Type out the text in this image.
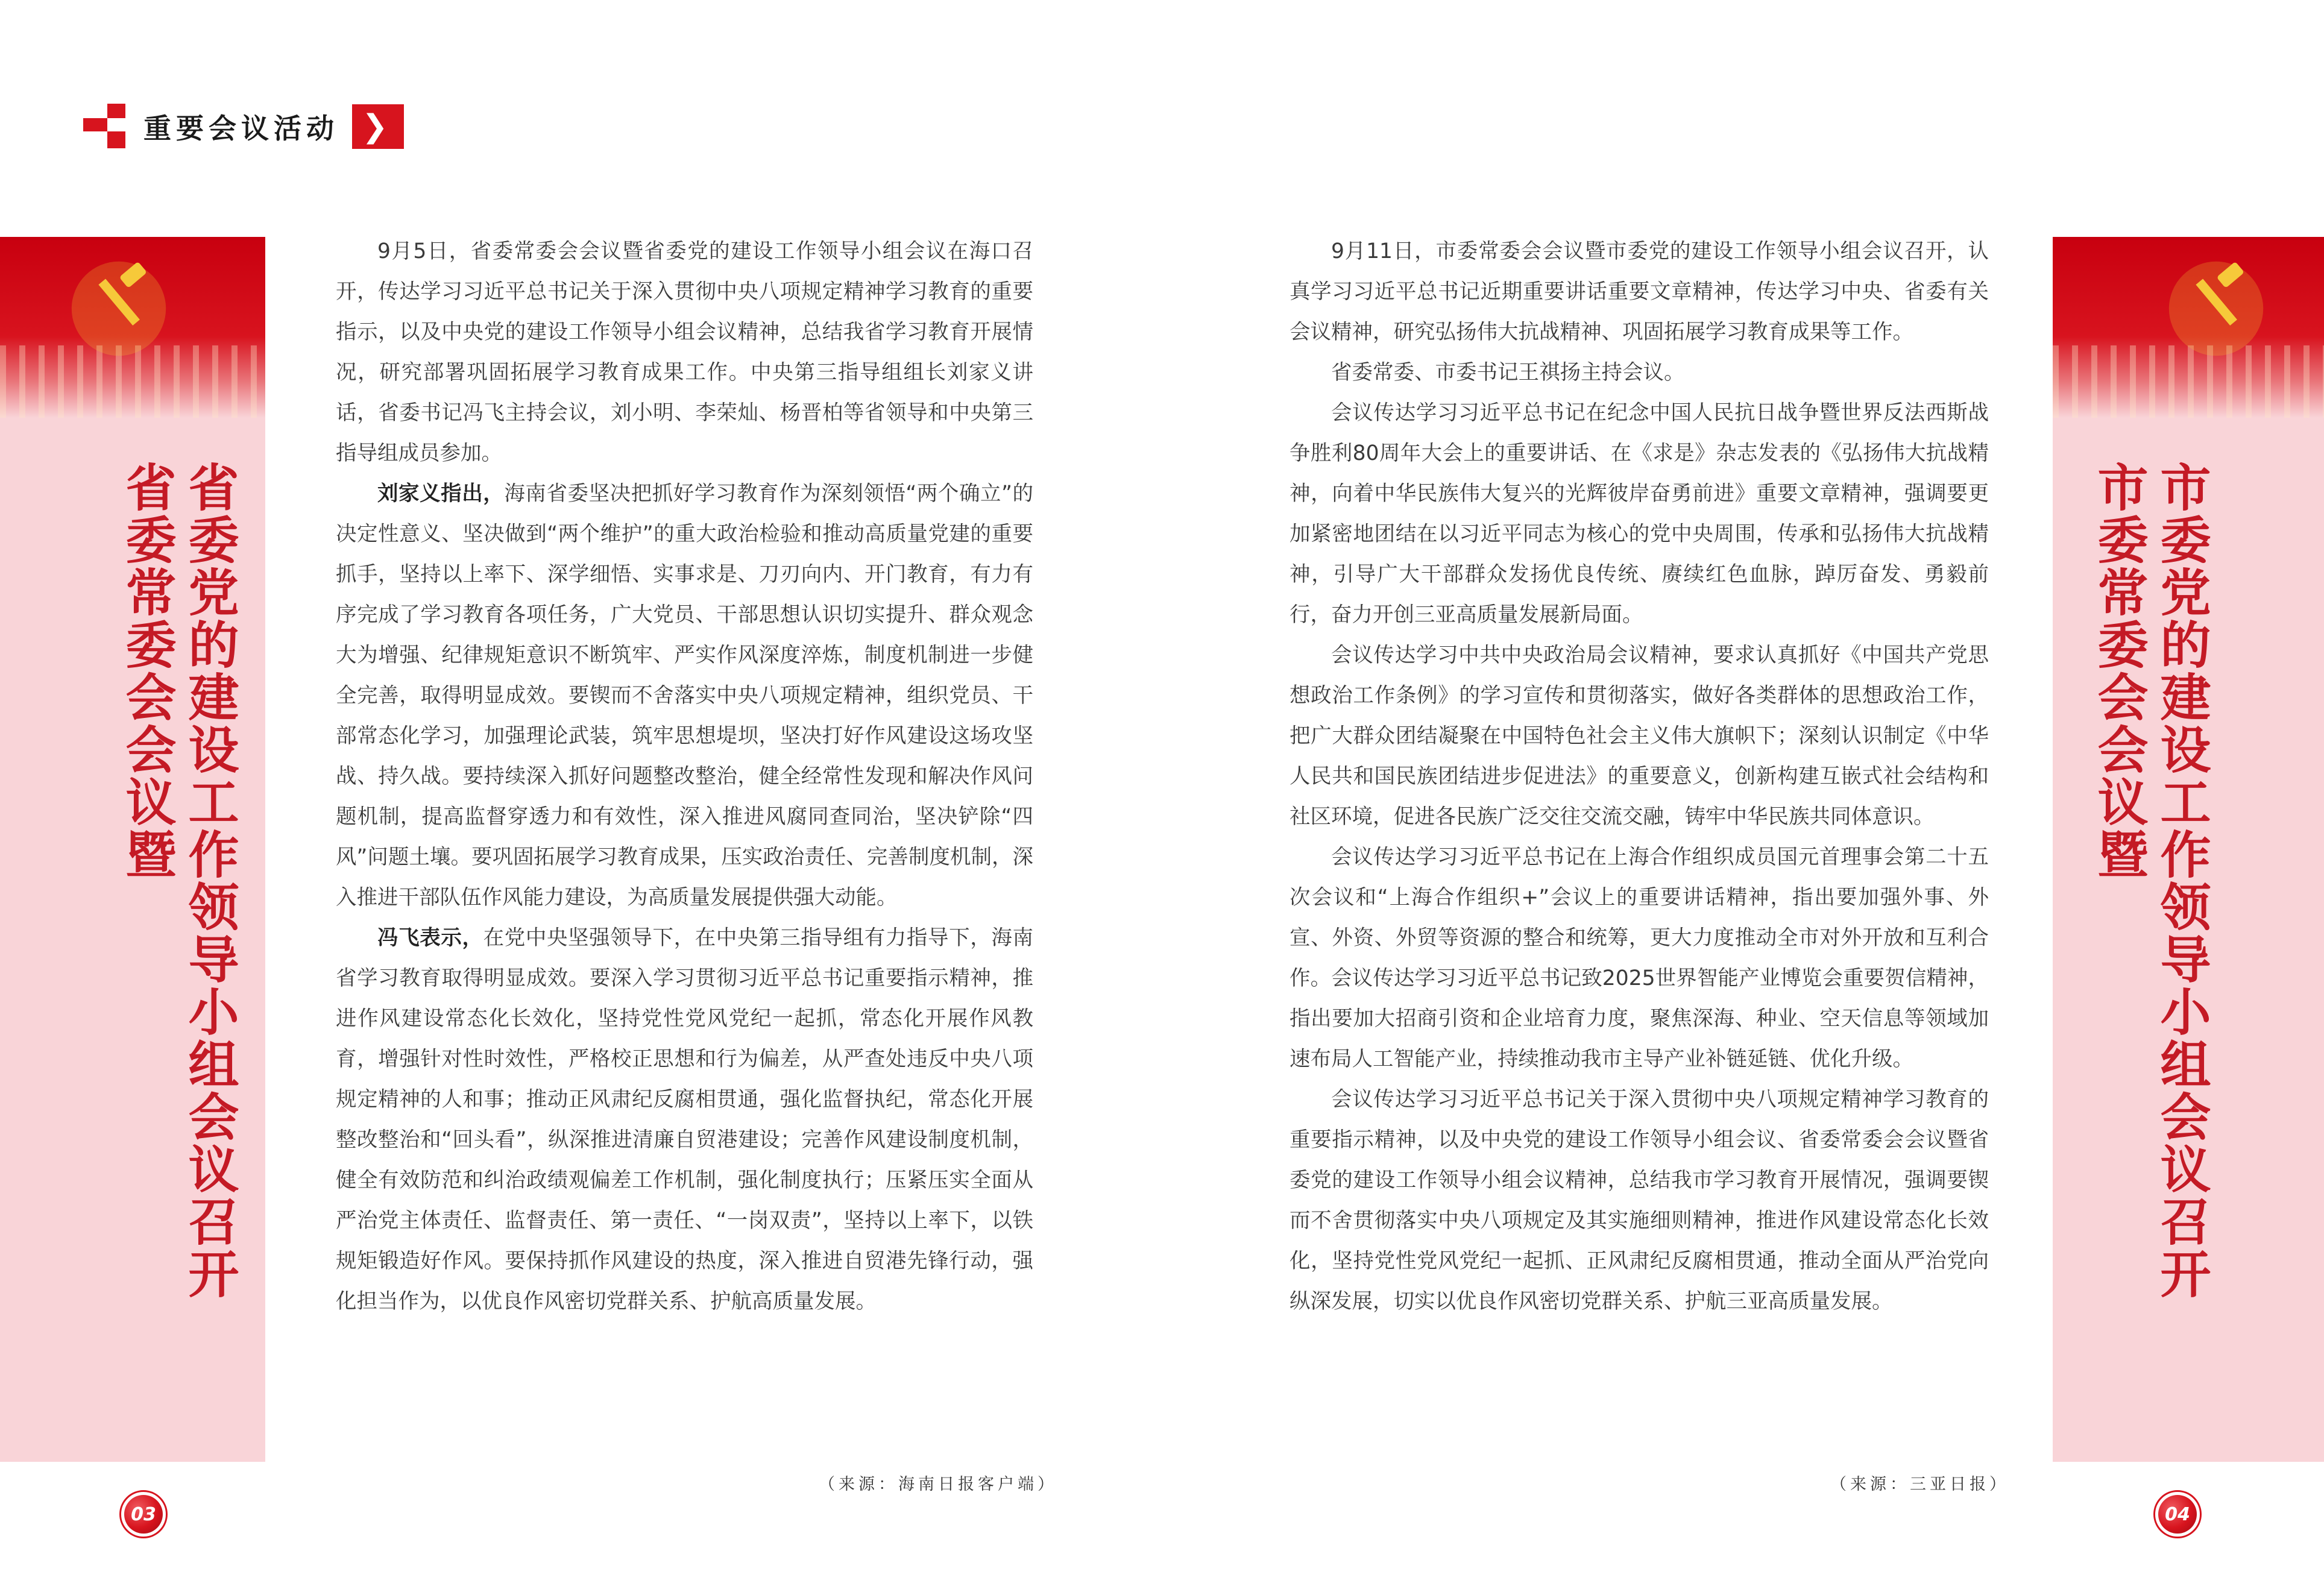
重要会议活动 ❯
省委党的建设工作领导小组会议召开
省委常委会会议暨

9月5日，省委常委会会议暨省委党的建设工作领导小组会议在海口召开，传达学习习近平总书记关于深入贯彻中央八项规定精神学习教育的重要指示，以及中央党的建设工作领导小组会议精神，总结我省学习教育开展情况，研究部署巩固拓展学习教育成果工作。中央第三指导组组长刘家义讲话，省委书记冯飞主持会议，刘小明、李荣灿、杨晋柏等省领导和中央第三指导组成员参加。

刘家义指出，海南省委坚决把抓好学习教育作为深刻领悟“两个确立”的决定性意义、坚决做到“两个维护”的重大政治检验和推动高质量党建的重要抓手，坚持以上率下、深学细悟、实事求是、刀刃向内、开门教育，有力有序完成了学习教育各项任务，广大党员、干部思想认识切实提升、群众观念大为增强、纪律规矩意识不断筑牢、严实作风深度淬炼，制度机制进一步健全完善，取得明显成效。要锲而不舍落实中央八项规定精神，组织党员、干部常态化学习，加强理论武装，筑牢思想堤坝，坚决打好作风建设这场攻坚战、持久战。要持续深入抓好问题整改整治，健全经常性发现和解决作风问题机制，提高监督穿透力和有效性，深入推进风腐同查同治，坚决铲除“四风”问题土壤。要巩固拓展学习教育成果，压实政治责任、完善制度机制，深入推进干部队伍作风能力建设，为高质量发展提供强大动能。

冯飞表示，在党中央坚强领导下，在中央第三指导组有力指导下，海南省学习教育取得明显成效。要深入学习贯彻习近平总书记重要指示精神，推进作风建设常态化长效化，坚持党性党风党纪一起抓，常态化开展作风教育，增强针对性时效性，严格校正思想和行为偏差，从严查处违反中央八项规定精神的人和事；推动正风肃纪反腐相贯通，强化监督执纪，常态化开展整改整治和“回头看”，纵深推进清廉自贸港建设；完善作风建设制度机制，健全有效防范和纠治政绩观偏差工作机制，强化制度执行；压紧压实全面从严治党主体责任、监督责任、第一责任、“一岗双责”，坚持以上率下，以铁规矩锻造好作风。要保持抓作风建设的热度，深入推进自贸港先锋行动，强化担当作为，以优良作风密切党群关系、护航高质量发展。

（来源：海南日报客户端）

9月11日，市委常委会会议暨市委党的建设工作领导小组会议召开，认真学习习近平总书记近期重要讲话重要文章精神，传达学习中央、省委有关会议精神，研究弘扬伟大抗战精神、巩固拓展学习教育成果等工作。

省委常委、市委书记王祺扬主持会议。

会议传达学习习近平总书记在纪念中国人民抗日战争暨世界反法西斯战争胜利80周年大会上的重要讲话、在《求是》杂志发表的《弘扬伟大抗战精神，向着中华民族伟大复兴的光辉彼岸奋勇前进》重要文章精神，强调要更加紧密地团结在以习近平同志为核心的党中央周围，传承和弘扬伟大抗战精神，引导广大干部群众发扬优良传统、赓续红色血脉，踔厉奋发、勇毅前行，奋力开创三亚高质量发展新局面。

会议传达学习中共中央政治局会议精神，要求认真抓好《中国共产党思想政治工作条例》的学习宣传和贯彻落实，做好各类群体的思想政治工作，把广大群众团结凝聚在中国特色社会主义伟大旗帜下；深刻认识制定《中华人民共和国民族团结进步促进法》的重要意义，创新构建互嵌式社会结构和社区环境，促进各民族广泛交往交流交融，铸牢中华民族共同体意识。

会议传达学习习近平总书记在上海合作组织成员国元首理事会第二十五次会议和“上海合作组织+”会议上的重要讲话精神，指出要加强外事、外宣、外资、外贸等资源的整合和统筹，更大力度推动全市对外开放和互利合作。会议传达学习习近平总书记致2025世界智能产业博览会重要贺信精神，指出要加大招商引资和企业培育力度，聚焦深海、种业、空天信息等领域加速布局人工智能产业，持续推动我市主导产业补链延链、优化升级。

会议传达学习习近平总书记关于深入贯彻中央八项规定精神学习教育的重要指示精神，以及中央党的建设工作领导小组会议、省委常委会会议暨省委党的建设工作领导小组会议精神，总结我市学习教育开展情况，强调要锲而不舍贯彻落实中央八项规定及其实施细则精神，推进作风建设常态化长效化，坚持党性党风党纪一起抓、正风肃纪反腐相贯通，推动全面从严治党向纵深发展，切实以优良作风密切党群关系、护航三亚高质量发展。

（来源：三亚日报）
市委党的建设工作领导小组会议召开
市委常委会会议暨
03	04
